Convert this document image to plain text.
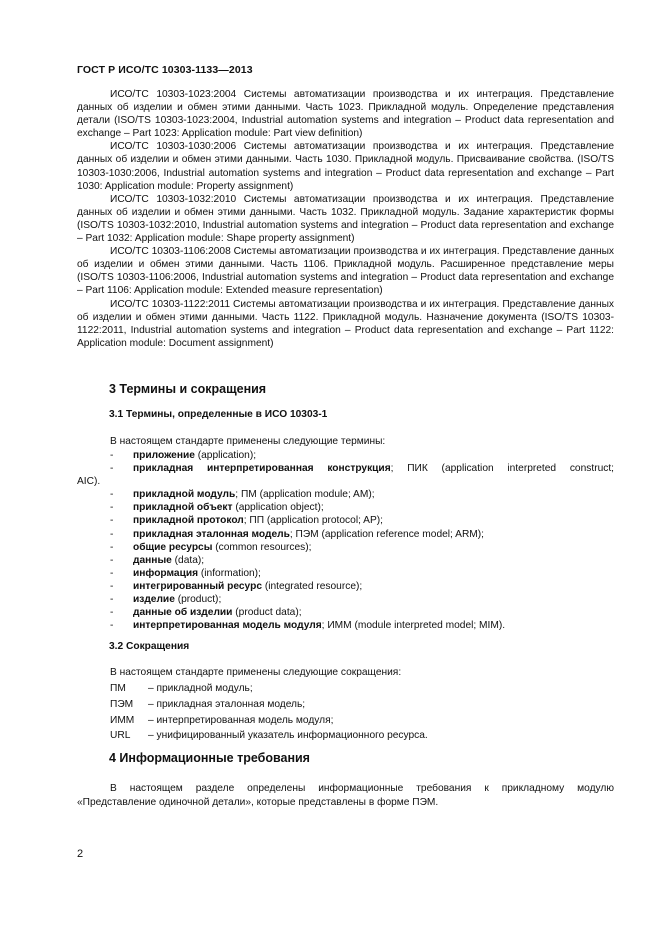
ГОСТ Р ИСО/ТС 10303-1133—2013

ИСО/ТС 10303-1023:2004 Системы автоматизации производства и их интеграция. Представление данных об изделии и обмен этими данными. Часть 1023. Прикладной модуль. Определение представления детали (ISO/TS 10303-1023:2004, Industrial automation systems and integration – Product data representation and exchange – Part 1023: Application module: Part view definition)

ИСО/ТС 10303-1030:2006 Системы автоматизации производства и их интеграция. Представление данных об изделии и обмен этими данными. Часть 1030. Прикладной модуль. Присваивание свойства. (ISO/TS 10303-1030:2006, Industrial automation systems and integration – Product data representation and exchange – Part 1030: Application module: Property assignment)

ИСО/ТС 10303-1032:2010 Системы автоматизации производства и их интеграция. Представление данных об изделии и обмен этими данными. Часть 1032. Прикладной модуль. Задание характеристик формы (ISO/TS 10303-1032:2010, Industrial automation systems and integration – Product data representation and exchange – Part 1032: Application module: Shape property assignment)

ИСО/ТС 10303-1106:2008 Системы автоматизации производства и их интеграция. Представление данных об изделии и обмен этими данными. Часть 1106. Прикладной модуль. Расширенное представление меры (ISO/TS 10303-1106:2006, Industrial automation systems and integration – Product data representation and exchange – Part 1106: Application module: Extended measure representation)

ИСО/ТС 10303-1122:2011 Системы автоматизации производства и их интеграция. Представление данных об изделии и обмен этими данными. Часть 1122. Прикладной модуль. Назначение документа (ISO/TS 10303-1122:2011, Industrial automation systems and integration – Product data representation and exchange – Part 1122: Application module: Document assignment)

3 Термины и сокращения
3.1 Термины, определенные в ИСО 10303-1
В настоящем стандарте применены следующие термины:
- приложение (application);
- прикладная интерпретированная конструкция; ПИК (application interpreted construct;
AIC).
- прикладной модуль; ПМ (application module; AM);
- прикладной объект (application object);
- прикладной протокол; ПП (application protocol; AP);
- прикладная эталонная модель; ПЭМ (application reference model; ARM);
- общие ресурсы (common resources);
- данные (data);
- информация (information);
- интегрированный ресурс (integrated resource);
- изделие (product);
- данные об изделии (product data);
- интерпретированная модель модуля; ИММ (module interpreted model; MIM).
3.2 Сокращения
В настоящем стандарте применены следующие сокращения:
ПМ – прикладной модуль;
ПЭМ – прикладная эталонная модель;
ИММ – интерпретированная модель модуля;
URL – унифицированный указатель информационного ресурса.
4 Информационные требования

В настоящем разделе определены информационные требования к прикладному модулю «Представление одиночной детали», которые представлены в форме ПЭМ.

2
